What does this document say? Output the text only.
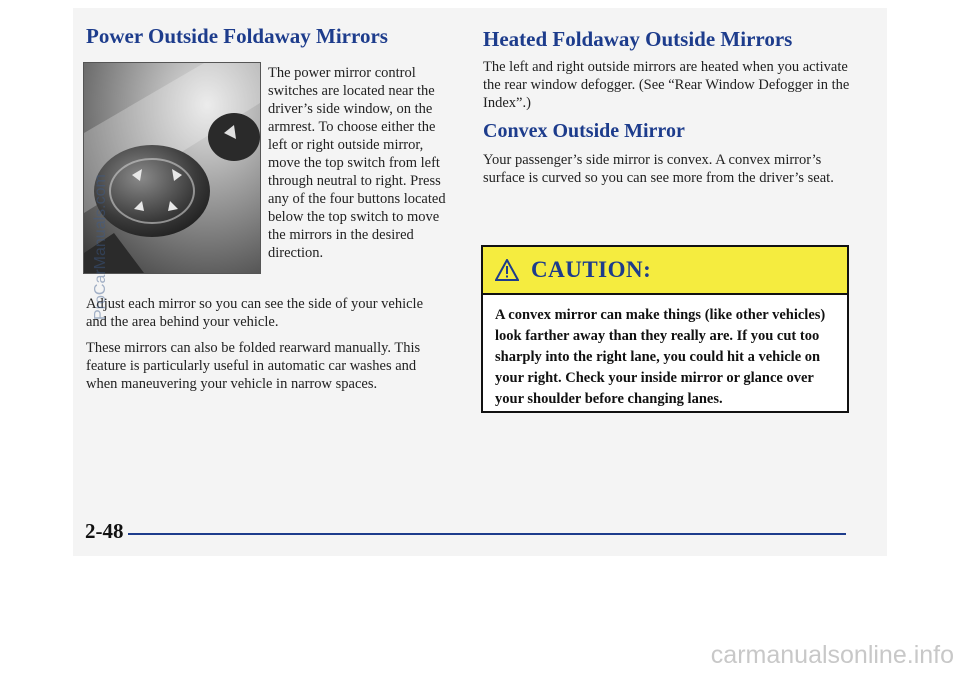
Power Outside Foldaway Mirrors

The power mirror control switches are located near the driver’s side window, on the armrest. To choose either the left or right outside mirror, move the top switch from left through neutral to right. Press any of the four buttons located below the top switch to move the mirrors in the desired direction.

Adjust each mirror so you can see the side of your vehicle and the area behind your vehicle.

These mirrors can also be folded rearward manually. This feature is particularly useful in automatic car washes and when maneuvering your vehicle in narrow spaces.

Heated Foldaway Outside Mirrors

The left and right outside mirrors are heated when you activate the rear window defogger. (See “Rear Window Defogger in the Index”.)

Convex Outside Mirror

Your passenger’s side mirror is convex. A convex mirror’s surface is curved so you can see more from the driver’s seat.

CAUTION:
A convex mirror can make things (like other vehicles) look farther away than they really are. If you cut too sharply into the right lane, you could hit a vehicle on your right. Check your inside mirror or glance over your shoulder before changing lanes.
2-48
ProCarManuals.com
carmanualsonline.info
